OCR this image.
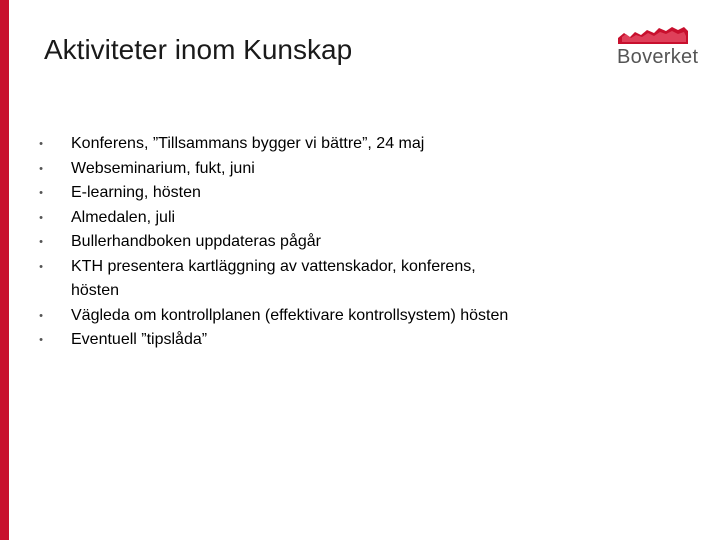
Aktiviteter inom Kunskap	Boverket
• Konferens, ”Tillsammans bygger vi bättre”, 24 maj
• Webseminarium, fukt, juni
• E-learning, hösten
• Almedalen, juli
• Bullerhandboken uppdateras pågår
• KTH presentera kartläggning av vattenskador, konferens, hösten
• Vägleda om kontrollplanen (effektivare kontrollsystem) hösten
• Eventuell ”tipslåda”
